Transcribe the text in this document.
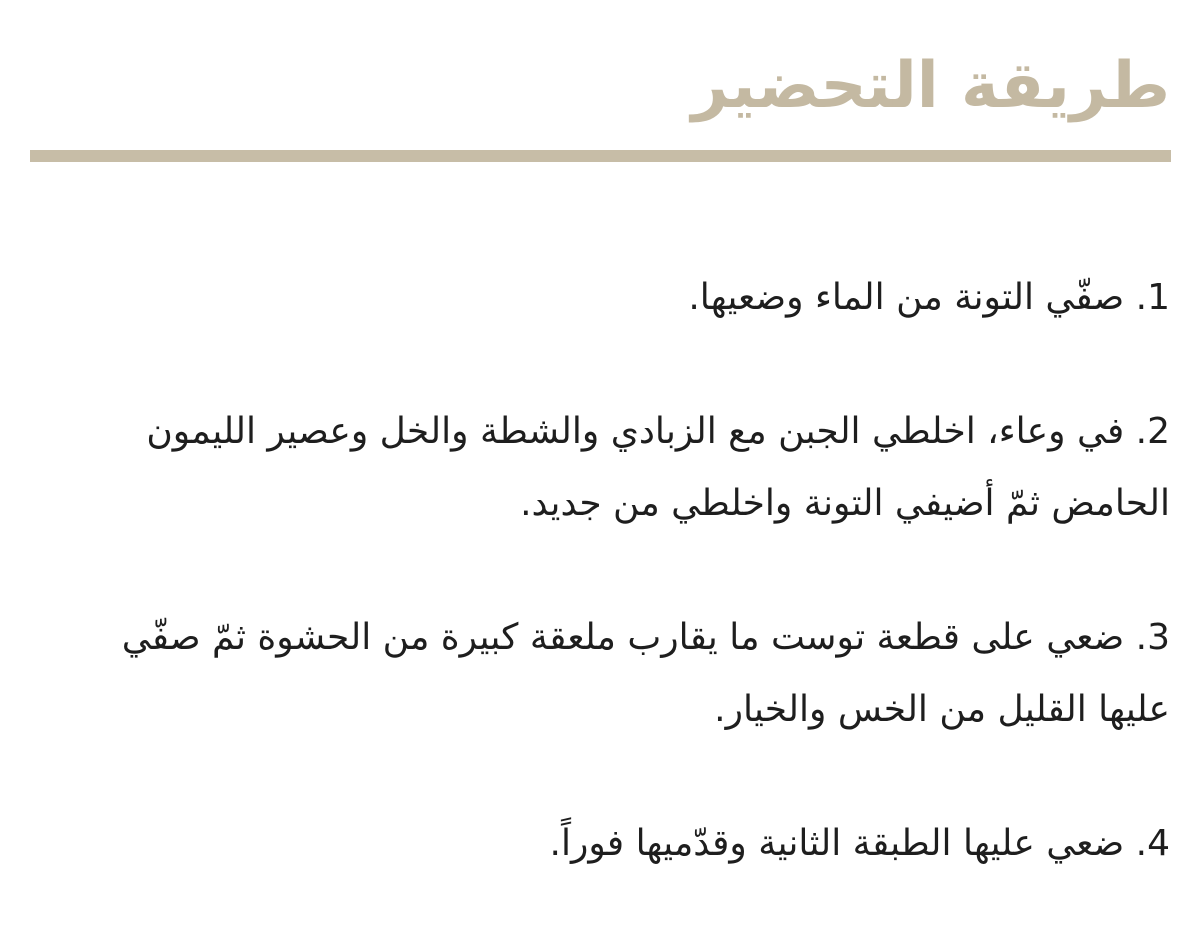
طريقة التحضير
1. صفّي التونة من الماء وضعيها.
2. في وعاء، اخلطي الجبن مع الزبادي والشطة والخل وعصير الليمون الحامض ثمّ أضيفي التونة واخلطي من جديد.
3. ضعي على قطعة توست ما يقارب ملعقة كبيرة من الحشوة ثمّ صفّي عليها القليل من الخس والخيار.
4. ضعي عليها الطبقة الثانية وقدّميها فوراً.
